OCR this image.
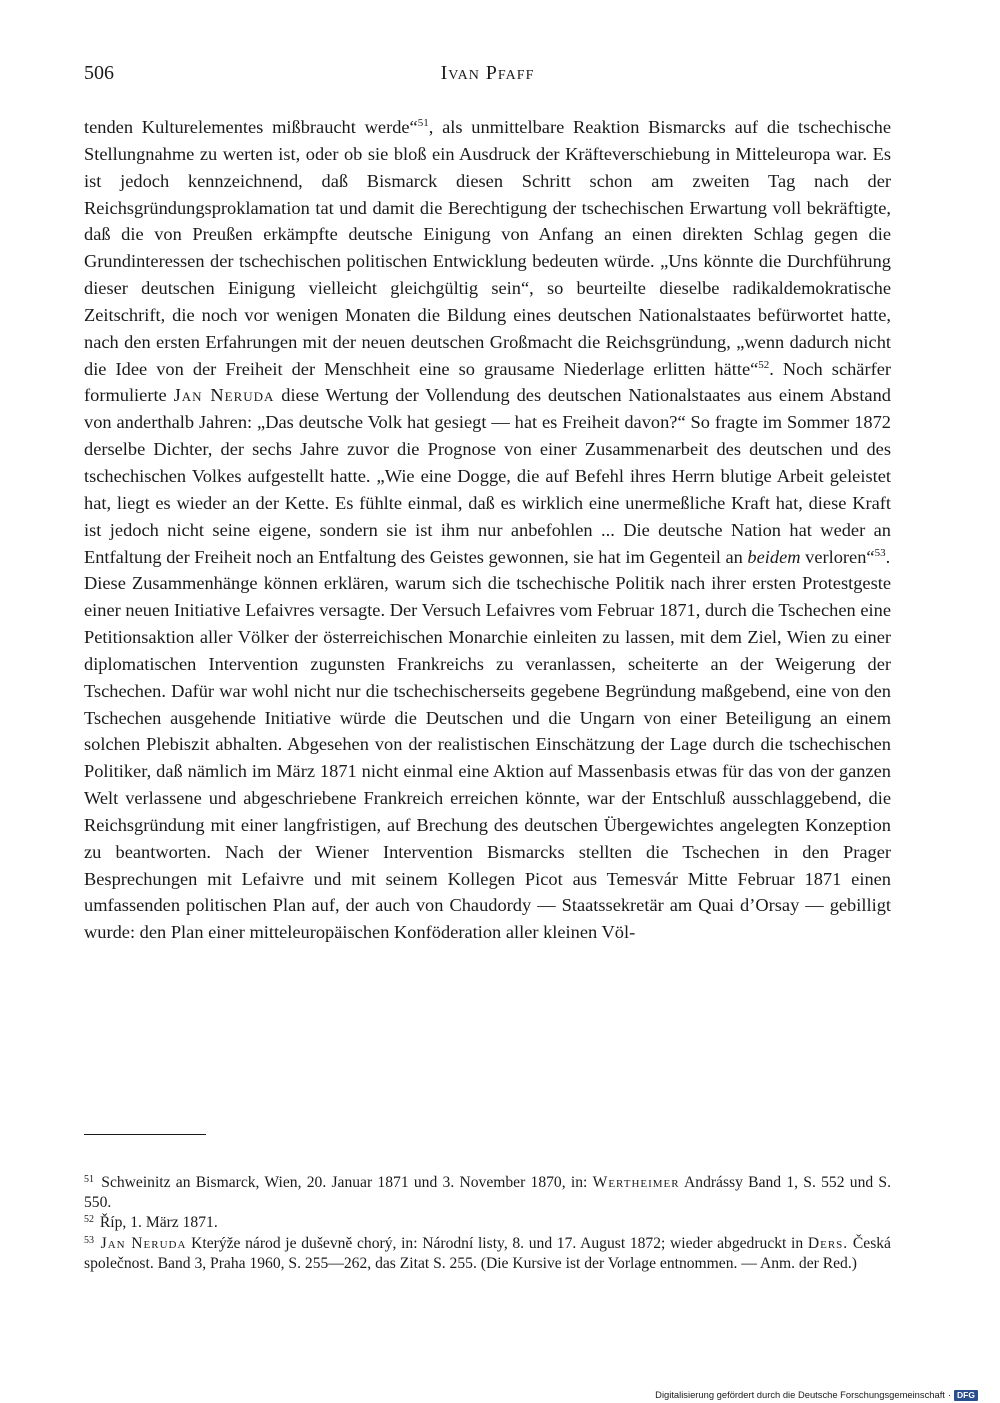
506	Ivan Pfaff

tenden Kulturelementes mißbraucht werde“$^{51}$, als unmittelbare Reaktion Bismarcks auf die tschechische Stellungnahme zu werten ist, oder ob sie bloß ein Ausdruck der Kräfteverschiebung in Mitteleuropa war. Es ist jedoch kennzeichnend, daß Bismarck diesen Schritt schon am zweiten Tag nach der Reichsgründungsproklamation tat und damit die Berechtigung der tschechischen Erwartung voll bekräftigte, daß die von Preußen erkämpfte deutsche Einigung von Anfang an einen direkten Schlag gegen die Grundinteressen der tschechischen politischen Entwicklung bedeuten würde. „Uns könnte die Durchführung dieser deutschen Einigung vielleicht gleichgültig sein“, so beurteilte dieselbe radikaldemokratische Zeitschrift, die noch vor wenigen Monaten die Bildung eines deutschen Nationalstaates befürwortet hatte, nach den ersten Erfahrungen mit der neuen deutschen Großmacht die Reichsgründung, „wenn dadurch nicht die Idee von der Freiheit der Menschheit eine so grausame Niederlage erlitten hätte“$^{52}$. Noch schärfer formulierte Jan Neruda diese Wertung der Vollendung des deutschen Nationalstaates aus einem Abstand von anderthalb Jahren: „Das deutsche Volk hat gesiegt — hat es Freiheit davon?“ So fragte im Sommer 1872 derselbe Dichter, der sechs Jahre zuvor die Prognose von einer Zusammenarbeit des deutschen und des tschechischen Volkes aufgestellt hatte. „Wie eine Dogge, die auf Befehl ihres Herrn blutige Arbeit geleistet hat, liegt es wieder an der Kette. Es fühlte einmal, daß es wirklich eine unermeßliche Kraft hat, diese Kraft ist jedoch nicht seine eigene, sondern sie ist ihm nur anbefohlen ... Die deutsche Nation hat weder an Entfaltung der Freiheit noch an Entfaltung des Geistes gewonnen, sie hat im Gegenteil an beidem verloren“$^{53}$.

Diese Zusammenhänge können erklären, warum sich die tschechische Politik nach ihrer ersten Protestgeste einer neuen Initiative Lefaivres versagte. Der Versuch Lefaivres vom Februar 1871, durch die Tschechen eine Petitionsaktion aller Völker der österreichischen Monarchie einleiten zu lassen, mit dem Ziel, Wien zu einer diplomatischen Intervention zugunsten Frankreichs zu veranlassen, scheiterte an der Weigerung der Tschechen. Dafür war wohl nicht nur die tschechischerseits gegebene Begründung maßgebend, eine von den Tschechen ausgehende Initiative würde die Deutschen und die Ungarn von einer Beteiligung an einem solchen Plebiszit abhalten. Abgesehen von der realistischen Einschätzung der Lage durch die tschechischen Politiker, daß nämlich im März 1871 nicht einmal eine Aktion auf Massenbasis etwas für das von der ganzen Welt verlassene und abgeschriebene Frankreich erreichen könnte, war der Entschluß ausschlaggebend, die Reichsgründung mit einer langfristigen, auf Brechung des deutschen Übergewichtes angelegten Konzeption zu beantworten. Nach der Wiener Intervention Bismarcks stellten die Tschechen in den Prager Besprechungen mit Lefaivre und mit seinem Kollegen Picot aus Temesvár Mitte Februar 1871 einen umfassenden politischen Plan auf, der auch von Chaudordy — Staatssekretär am Quai d’Orsay — gebilligt wurde: den Plan einer mitteleuropäischen Konföderation aller kleinen Völ-

$^{51}$ Schweinitz an Bismarck, Wien, 20. Januar 1871 und 3. November 1870, in: Wertheimer Andrássy Band 1, S. 552 und S. 550.

$^{52}$ Říp, 1. März 1871.

$^{53}$ Jan Neruda Kterýže národ je duševně chorý, in: Národní listy, 8. und 17. August 1872; wieder abgedruckt in Ders. Česká společnost. Band 3, Praha 1960, S. 255—262, das Zitat S. 255. (Die Kursive ist der Vorlage entnommen. — Anm. der Red.)

Digitalisierung gefördert durch die Deutsche Forschungsgemeinschaft · DFG
